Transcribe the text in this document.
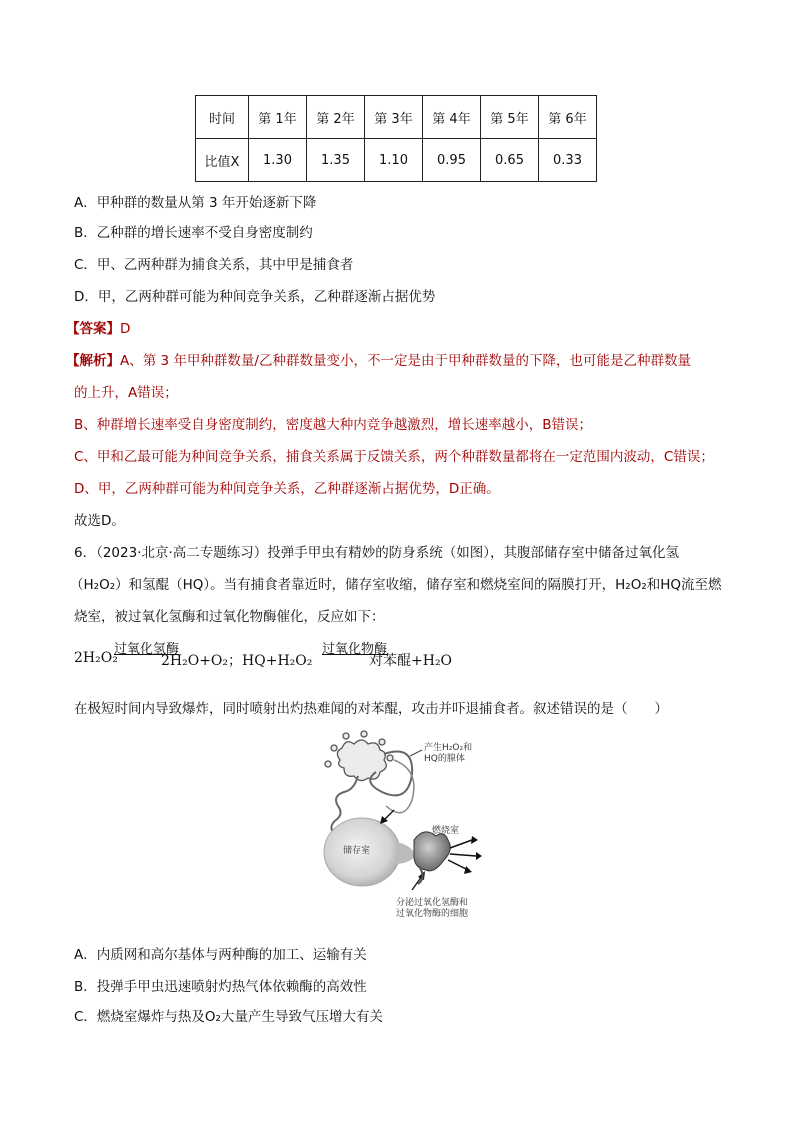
时间	第 1年	第 2年	第 3年	第 4年	第 5年	第 6年
比值X	1.30	1.35	1.10	0.95	0.65	0.33
A．甲种群的数量从第 3 年开始逐新下降
B．乙种群的增长速率不受自身密度制约
C．甲、乙两种群为捕食关系，其中甲是捕食者
D．甲，乙两种群可能为种间竞争关系，乙种群逐渐占据优势
【答案】D
【解析】A、第 3 年甲种群数量/乙种群数量变小，不一定是由于甲种群数量的下降，也可能是乙种群数量
的上升，A错误；
B、种群增长速率受自身密度制约，密度越大种内竞争越激烈，增长速率越小，B错误；
C、甲和乙最可能为种间竞争关系，捕食关系属于反馈关系，两个种群数量都将在一定范围内波动，C错误；
D、甲，乙两种群可能为种间竞争关系，乙种群逐渐占据优势，D正确。
故选D。
6．（2023·北京·高二专题练习）投弹手甲虫有精妙的防身系统（如图），其腹部储存室中储备过氧化氢
（H₂O₂）和氢醌（HQ）。当有捕食者靠近时，储存室收缩，储存室和燃烧室间的隔膜打开，H₂O₂和HQ流至燃
烧室，被过氧化氢酶和过氧化物酶催化，反应如下：
2H₂O₂
过氧化氢酶
2H₂O+O₂；HQ+H₂O₂
过氧化物酶
对苯醌+H₂O
在极短时间内导致爆炸，同时喷射出灼热难闻的对苯醌，攻击并吓退捕食者。叙述错误的是（　　）
产生H₂O₂和
HQ的腺体
储存室
燃烧室
分泌过氧化氢酶和
过氧化物酶的细胞
A．内质网和高尔基体与两种酶的加工、运输有关
B．投弹手甲虫迅速喷射灼热气体依赖酶的高效性
C．燃烧室爆炸与热及O₂大量产生导致气压增大有关
